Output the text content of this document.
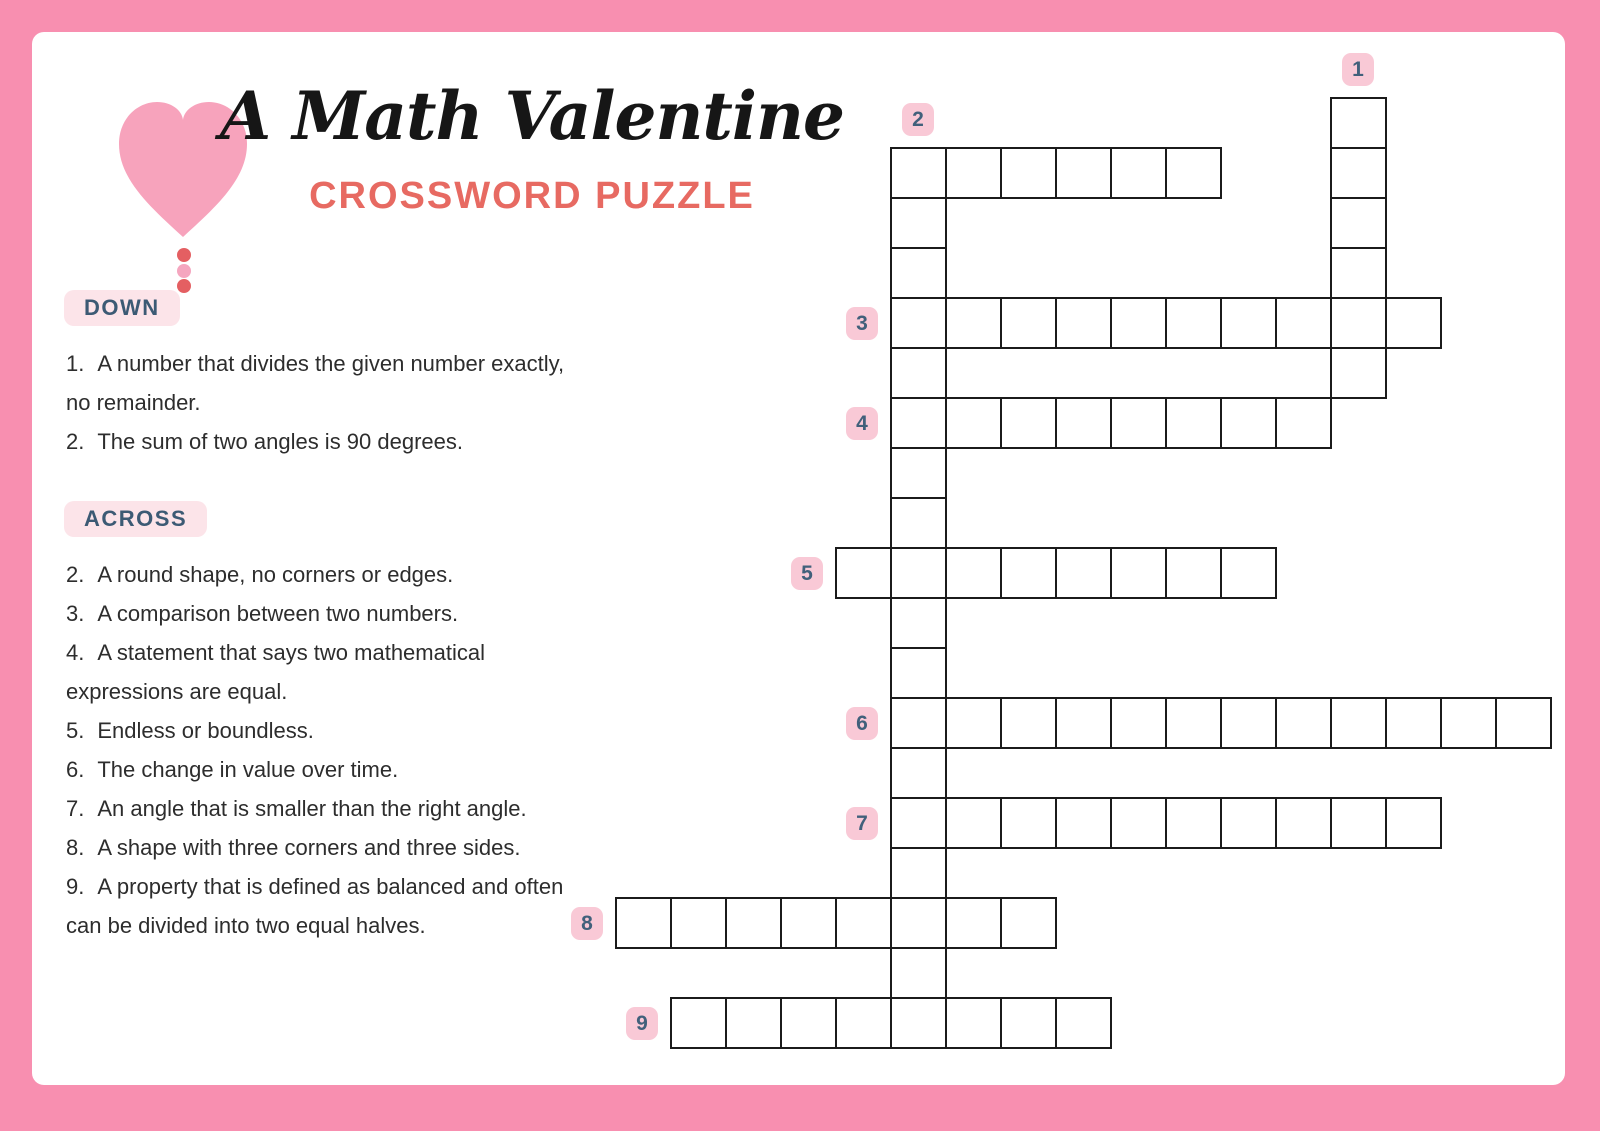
A Math Valentine
CROSSWORD PUZZLE
DOWN

1. A number that divides the given number exactly, no remainder.

2. The sum of two angles is 90 degrees.

ACROSS

2. A round shape, no corners or edges.

3. A comparison between two numbers.

4. A statement that says two mathematical expressions are equal.

5. Endless or boundless.

6. The change in value over time.

7. An angle that is smaller than the right angle.

8. A shape with three corners and three sides.

9. A property that is defined as balanced and often can be divided into two equal halves.

1
2
3
4
5
6
7
8
9
